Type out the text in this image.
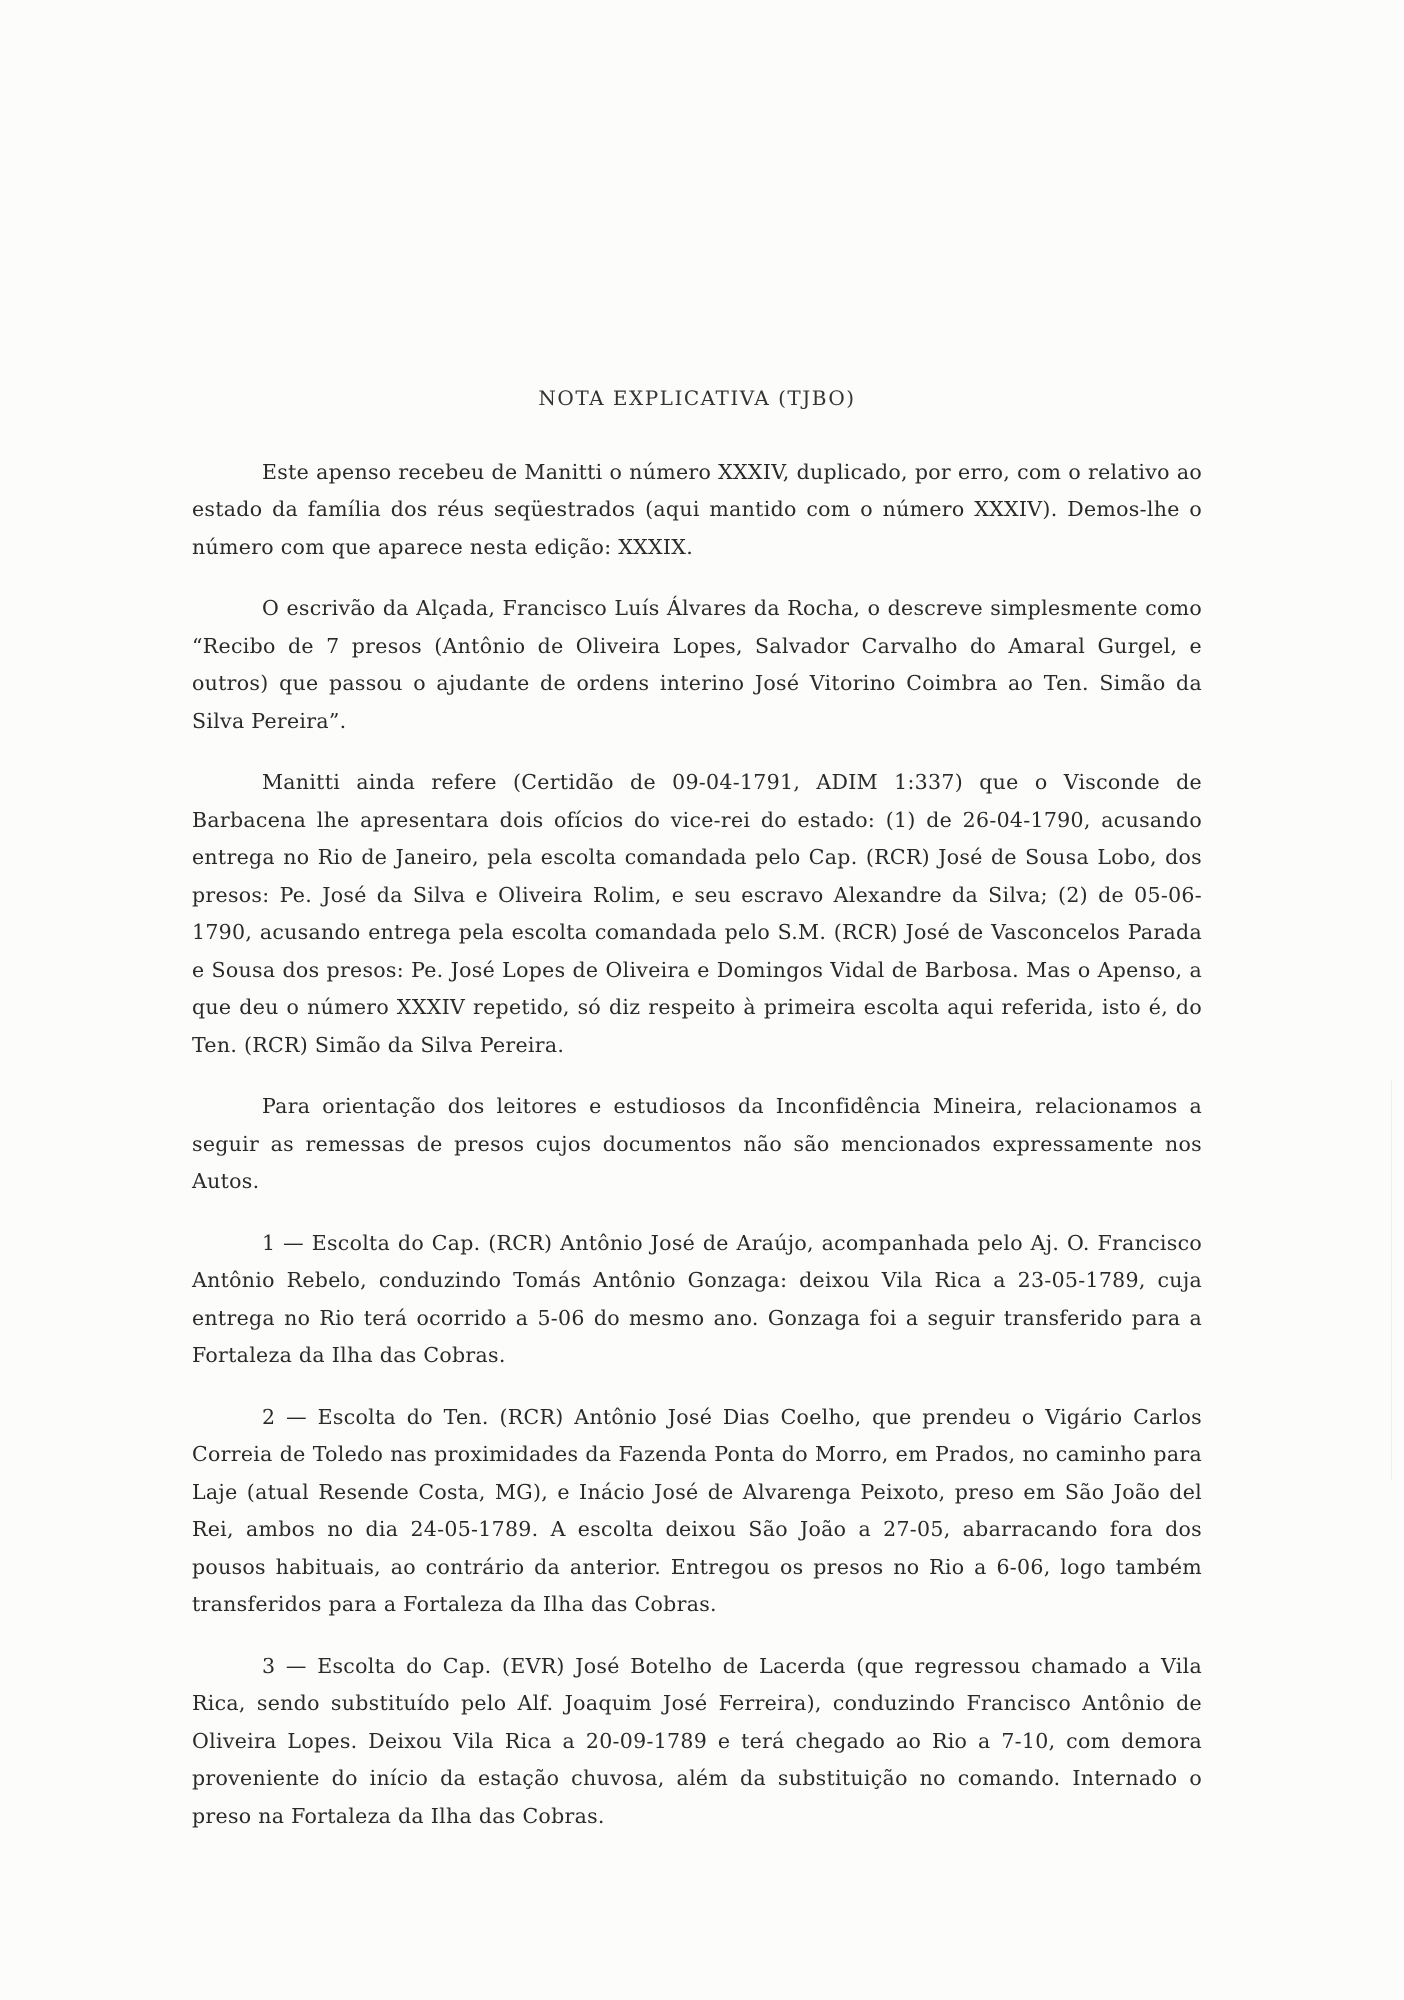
NOTA EXPLICATIVA (TJBO)

Este apenso recebeu de Manitti o número XXXIV, duplicado, por erro, com o relativo ao estado da família dos réus seqüestrados (aqui mantido com o número XXXIV). Demos-lhe o número com que aparece nesta edição: XXXIX.

O escrivão da Alçada, Francisco Luís Álvares da Rocha, o descreve simplesmente como “Recibo de 7 presos (Antônio de Oliveira Lopes, Salvador Carvalho do Amaral Gurgel, e outros) que passou o ajudante de ordens interino José Vitorino Coimbra ao Ten. Simão da Silva Pereira”.

Manitti ainda refere (Certidão de 09-04-1791, ADIM 1:337) que o Visconde de Barbacena lhe apresentara dois ofícios do vice-rei do estado: (1) de 26-04-1790, acusando entrega no Rio de Janeiro, pela escolta comandada pelo Cap. (RCR) José de Sousa Lobo, dos presos: Pe. José da Silva e Oliveira Rolim, e seu escravo Alexandre da Silva; (2) de 05-06-1790, acusando entrega pela escolta comandada pelo S.M. (RCR) José de Vasconcelos Parada e Sousa dos presos: Pe. José Lopes de Oliveira e Domingos Vidal de Barbosa. Mas o Apenso, a que deu o número XXXIV repetido, só diz respeito à primeira escolta aqui referida, isto é, do Ten. (RCR) Simão da Silva Pereira.

Para orientação dos leitores e estudiosos da Inconfidência Mineira, relacionamos a seguir as remessas de presos cujos documentos não são mencionados expressamente nos Autos.

1 — Escolta do Cap. (RCR) Antônio José de Araújo, acompanhada pelo Aj. O. Francisco Antônio Rebelo, conduzindo Tomás Antônio Gonzaga: deixou Vila Rica a 23-05-1789, cuja entrega no Rio terá ocorrido a 5-06 do mesmo ano. Gonzaga foi a seguir transferido para a Fortaleza da Ilha das Cobras.

2 — Escolta do Ten. (RCR) Antônio José Dias Coelho, que prendeu o Vigário Carlos Correia de Toledo nas proximidades da Fazenda Ponta do Morro, em Prados, no caminho para Laje (atual Resende Costa, MG), e Inácio José de Alvarenga Peixoto, preso em São João del Rei, ambos no dia 24-05-1789. A escolta deixou São João a 27-05, abarracando fora dos pousos habituais, ao contrário da anterior. Entregou os presos no Rio a 6-06, logo também transferidos para a Fortaleza da Ilha das Cobras.

3 — Escolta do Cap. (EVR) José Botelho de Lacerda (que regressou chamado a Vila Rica, sendo substituído pelo Alf. Joaquim José Ferreira), conduzindo Francisco Antônio de Oliveira Lopes. Deixou Vila Rica a 20-09-1789 e terá chegado ao Rio a 7-10, com demora proveniente do início da estação chuvosa, além da substituição no comando. Internado o preso na Fortaleza da Ilha das Cobras.
